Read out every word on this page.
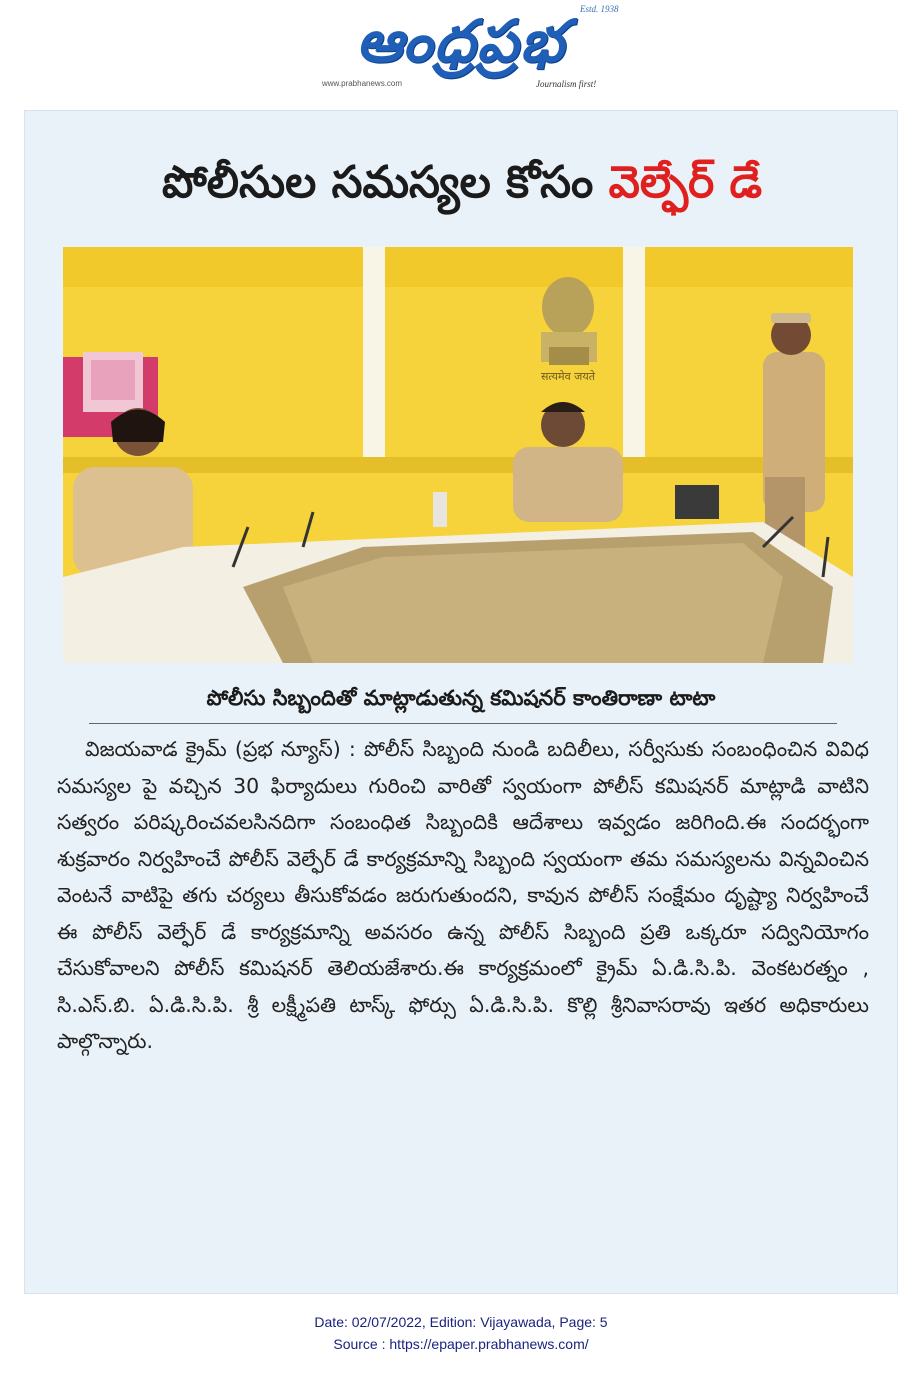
ఆంధ్రప్రభ	Estd. 1938
www.prabhanews.com	Journalism first!
పోలీసుల సమస్యల కోసం వెల్ఫేర్ డే
सत्यमेव जयते
పోలీసు సిబ్బందితో మాట్లాడుతున్న కమిషనర్ కాంతిరాణా టాటా

విజయవాడ క్రైమ్ (ప్రభ న్యూస్) : పోలీస్ సిబ్బంది నుండి బదిలీలు, సర్వీసుకు సంబంధించిన వివిధ సమస్యల పై వచ్చిన 30 ఫిర్యాదులు గురించి వారితో స్వయంగా పోలీస్ కమిషనర్ మాట్లాడి వాటిని సత్వరం పరిష్కరించవలసినదిగా సంబంధిత సిబ్బందికి ఆదేశాలు ఇవ్వడం జరిగింది.ఈ సందర్భంగా శుక్రవారం నిర్వహించే పోలీస్ వెల్ఫేర్ డే కార్యక్రమాన్ని సిబ్బంది స్వయంగా తమ సమస్యలను విన్నవించిన వెంటనే వాటిపై తగు చర్యలు తీసుకోవడం జరుగుతుందని, కావున పోలీస్ సంక్షేమం దృష్ట్యా నిర్వహించే ఈ పోలీస్ వెల్ఫేర్ డే కార్యక్రమాన్ని అవసరం ఉన్న పోలీస్ సిబ్బంది ప్రతి ఒక్కరూ సద్వినియోగం చేసుకోవాలని పోలీస్ కమిషనర్ తెలియజేశారు.ఈ కార్యక్రమంలో క్రైమ్ ఏ.డి.సి.పి. వెంకటరత్నం , సి.ఎస్.బి. ఏ.డి.సి.పి. శ్రీ లక్ష్మీపతి టాస్క్ ఫోర్సు ఏ.డి.సి.పి. కొల్లి శ్రీనివాసరావు ఇతర అధికారులు పాల్గొన్నారు.

Date: 02/07/2022, Edition: Vijayawada, Page: 5
Source : https://epaper.prabhanews.com/
